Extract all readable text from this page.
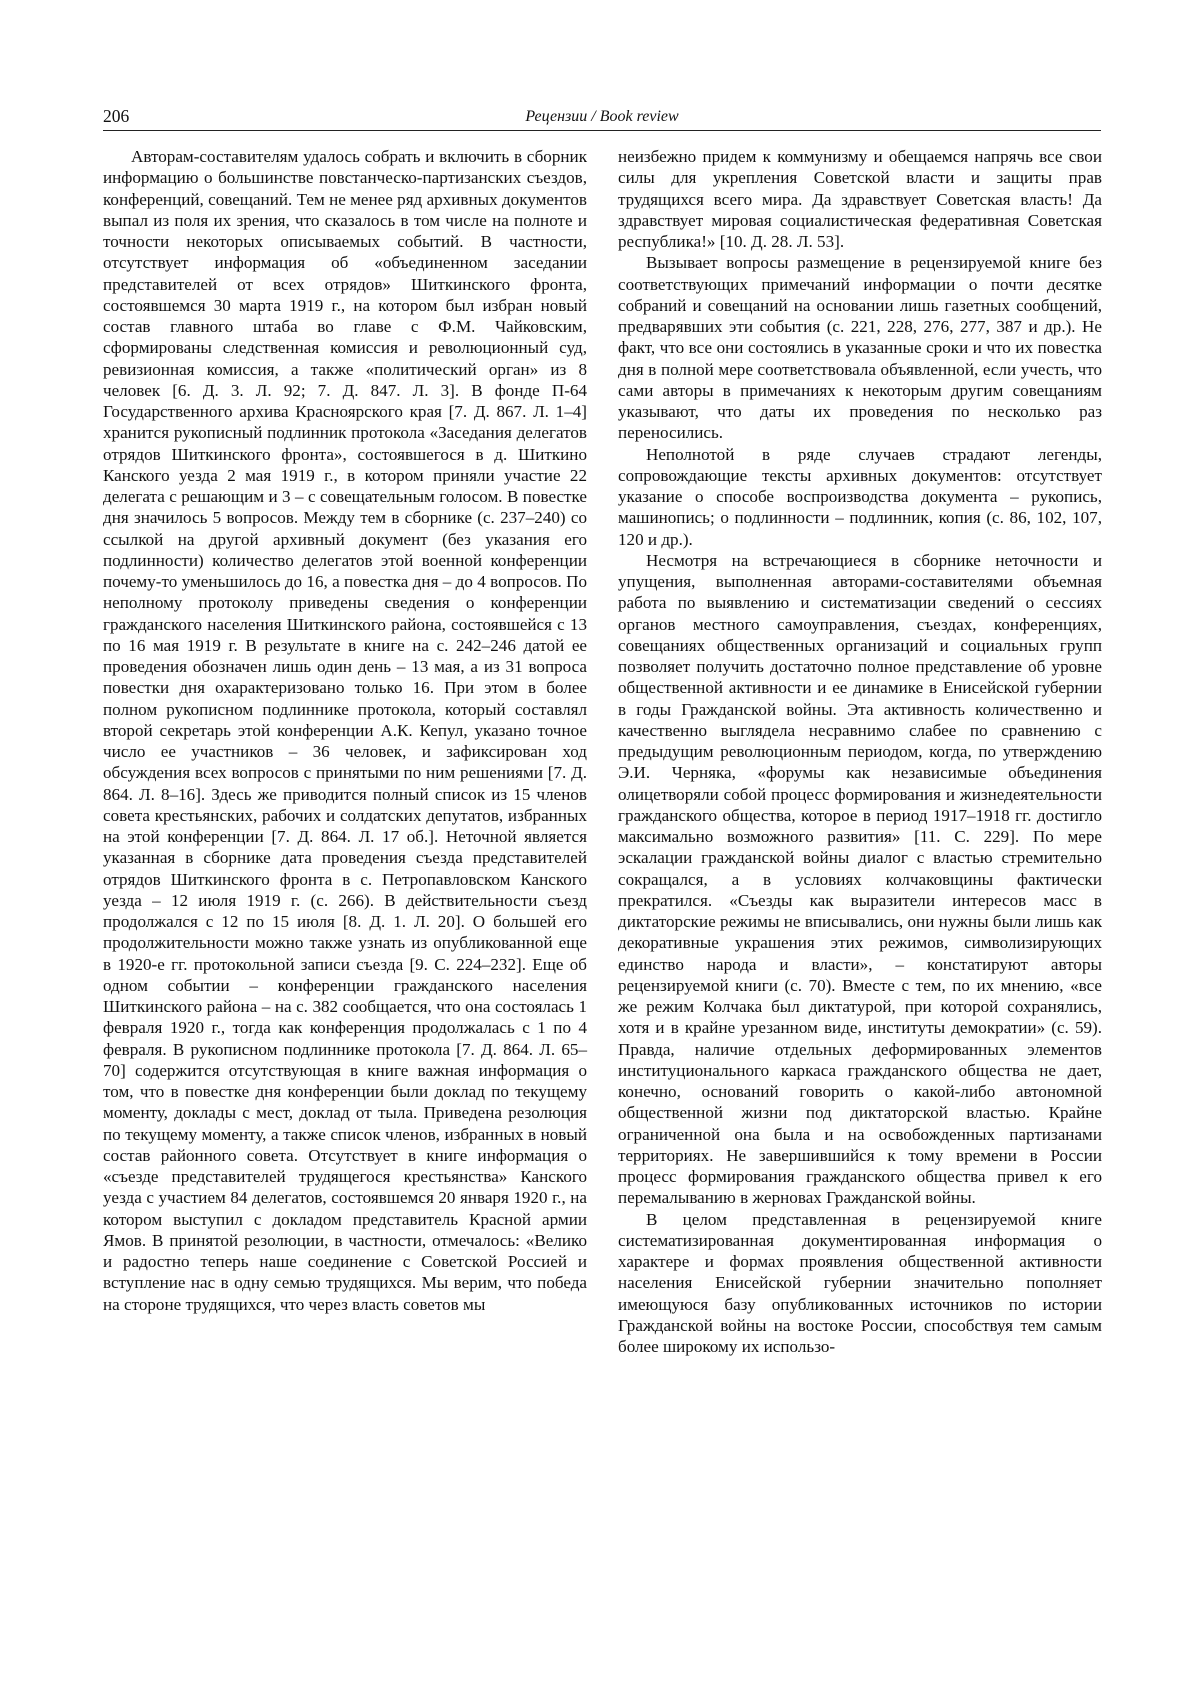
206	Рецензии / Book review

Авторам-составителям удалось собрать и включить в сборник информацию о большинстве повстанческо-партизанских съездов, конференций, совещаний. Тем не менее ряд архивных документов выпал из поля их зрения, что сказалось в том числе на полноте и точности некоторых описываемых событий. В частности, отсутствует информация об «объединенном заседании представителей от всех отрядов» Шиткинского фронта, состоявшемся 30 марта 1919 г., на котором был избран новый состав главного штаба во главе с Ф.М. Чайковским, сформированы следственная комиссия и революционный суд, ревизионная комиссия, а также «политический орган» из 8 человек [6. Д. 3. Л. 92; 7. Д. 847. Л. 3]. В фонде П-64 Государственного архива Красноярского края [7. Д. 867. Л. 1–4] хранится рукописный подлинник протокола «Заседания делегатов отрядов Шиткинского фронта», состоявшегося в д. Шиткино Канского уезда 2 мая 1919 г., в котором приняли участие 22 делегата с решающим и 3 – с совещательным голосом. В повестке дня значилось 5 вопросов. Между тем в сборнике (с. 237–240) со ссылкой на другой архивный документ (без указания его подлинности) количество делегатов этой военной конференции почему-то уменьшилось до 16, а повестка дня – до 4 вопросов. По неполному протоколу приведены сведения о конференции гражданского населения Шиткинского района, состоявшейся с 13 по 16 мая 1919 г. В результате в книге на с. 242–246 датой ее проведения обозначен лишь один день – 13 мая, а из 31 вопроса повестки дня охарактеризовано только 16. При этом в более полном рукописном подлиннике протокола, который составлял второй секретарь этой конференции А.К. Кепул, указано точное число ее участников – 36 человек, и зафиксирован ход обсуждения всех вопросов с принятыми по ним решениями [7. Д. 864. Л. 8–16]. Здесь же приводится полный список из 15 членов совета крестьянских, рабочих и солдатских депутатов, избранных на этой конференции [7. Д. 864. Л. 17 об.]. Неточной является указанная в сборнике дата проведения съезда представителей отрядов Шиткинского фронта в с. Петропавловском Канского уезда – 12 июля 1919 г. (с. 266). В действительности съезд продолжался с 12 по 15 июля [8. Д. 1. Л. 20]. О большей его продолжительности можно также узнать из опубликованной еще в 1920-е гг. протокольной записи съезда [9. С. 224–232]. Еще об одном событии – конференции гражданского населения Шиткинского района – на с. 382 сообщается, что она состоялась 1 февраля 1920 г., тогда как конференция продолжалась с 1 по 4 февраля. В рукописном подлиннике протокола [7. Д. 864. Л. 65–70] содержится отсутствующая в книге важная информация о том, что в повестке дня конференции были доклад по текущему моменту, доклады с мест, доклад от тыла. Приведена резолюция по текущему моменту, а также список членов, избранных в новый состав районного совета. Отсутствует в книге информация о «съезде представителей трудящегося крестьянства» Канского уезда с участием 84 делегатов, состоявшемся 20 января 1920 г., на котором выступил с докладом представитель Красной армии Ямов. В принятой резолюции, в частности, отмечалось: «Велико и радостно теперь наше соединение с Советской Россией и вступление нас в одну семью трудящихся. Мы верим, что победа на стороне трудящихся, что через власть советов мы

неизбежно придем к коммунизму и обещаемся напрячь все свои силы для укрепления Советской власти и защиты прав трудящихся всего мира. Да здравствует Советская власть! Да здравствует мировая социалистическая федеративная Советская республика!» [10. Д. 28. Л. 53].

Вызывает вопросы размещение в рецензируемой книге без соответствующих примечаний информации о почти десятке собраний и совещаний на основании лишь газетных сообщений, предварявших эти события (с. 221, 228, 276, 277, 387 и др.). Не факт, что все они состоялись в указанные сроки и что их повестка дня в полной мере соответствовала объявленной, если учесть, что сами авторы в примечаниях к некоторым другим совещаниям указывают, что даты их проведения по несколько раз переносились.

Неполнотой в ряде случаев страдают легенды, сопровождающие тексты архивных документов: отсутствует указание о способе воспроизводства документа – рукопись, машинопись; о подлинности – подлинник, копия (с. 86, 102, 107, 120 и др.).

Несмотря на встречающиеся в сборнике неточности и упущения, выполненная авторами-составителями объемная работа по выявлению и систематизации сведений о сессиях органов местного самоуправления, съездах, конференциях, совещаниях общественных организаций и социальных групп позволяет получить достаточно полное представление об уровне общественной активности и ее динамике в Енисейской губернии в годы Гражданской войны. Эта активность количественно и качественно выглядела несравнимо слабее по сравнению с предыдущим революционным периодом, когда, по утверждению Э.И. Черняка, «форумы как независимые объединения олицетворяли собой процесс формирования и жизнедеятельности гражданского общества, которое в период 1917–1918 гг. достигло максимально возможного развития» [11. С. 229]. По мере эскалации гражданской войны диалог с властью стремительно сокращался, а в условиях колчаковщины фактически прекратился. «Съезды как выразители интересов масс в диктаторские режимы не вписывались, они нужны были лишь как декоративные украшения этих режимов, символизирующих единство народа и власти», – констатируют авторы рецензируемой книги (с. 70). Вместе с тем, по их мнению, «все же режим Колчака был диктатурой, при которой сохранялись, хотя и в крайне урезанном виде, институты демократии» (с. 59). Правда, наличие отдельных деформированных элементов институционального каркаса гражданского общества не дает, конечно, оснований говорить о какой-либо автономной общественной жизни под диктаторской властью. Крайне ограниченной она была и на освобожденных партизанами территориях. Не завершившийся к тому времени в России процесс формирования гражданского общества привел к его перемалыванию в жерновах Гражданской войны.

В целом представленная в рецензируемой книге систематизированная документированная информация о характере и формах проявления общественной активности населения Енисейской губернии значительно пополняет имеющуюся базу опубликованных источников по истории Гражданской войны на востоке России, способствуя тем самым более широкому их использо-
